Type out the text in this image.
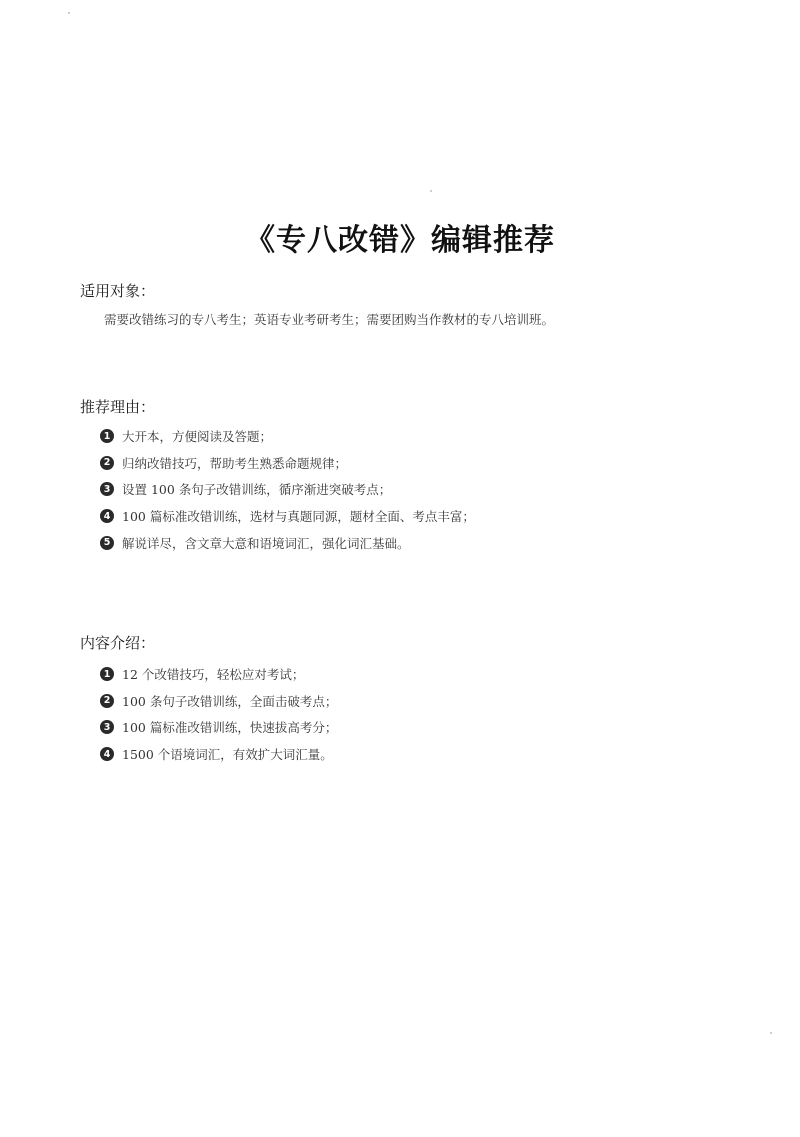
《专八改错》编辑推荐
适用对象：
需要改错练习的专八考生；英语专业考研考生；需要团购当作教材的专八培训班。
推荐理由：
1 大开本，方便阅读及答题；
2 归纳改错技巧，帮助考生熟悉命题规律；
3 设置 100 条句子改错训练，循序渐进突破考点；
4 100 篇标准改错训练，选材与真题同源，题材全面、考点丰富；
5 解说详尽，含文章大意和语境词汇，强化词汇基础。
内容介绍：
1 12 个改错技巧，轻松应对考试；
2 100 条句子改错训练，全面击破考点；
3 100 篇标准改错训练，快速拔高考分；
4 1500 个语境词汇，有效扩大词汇量。
